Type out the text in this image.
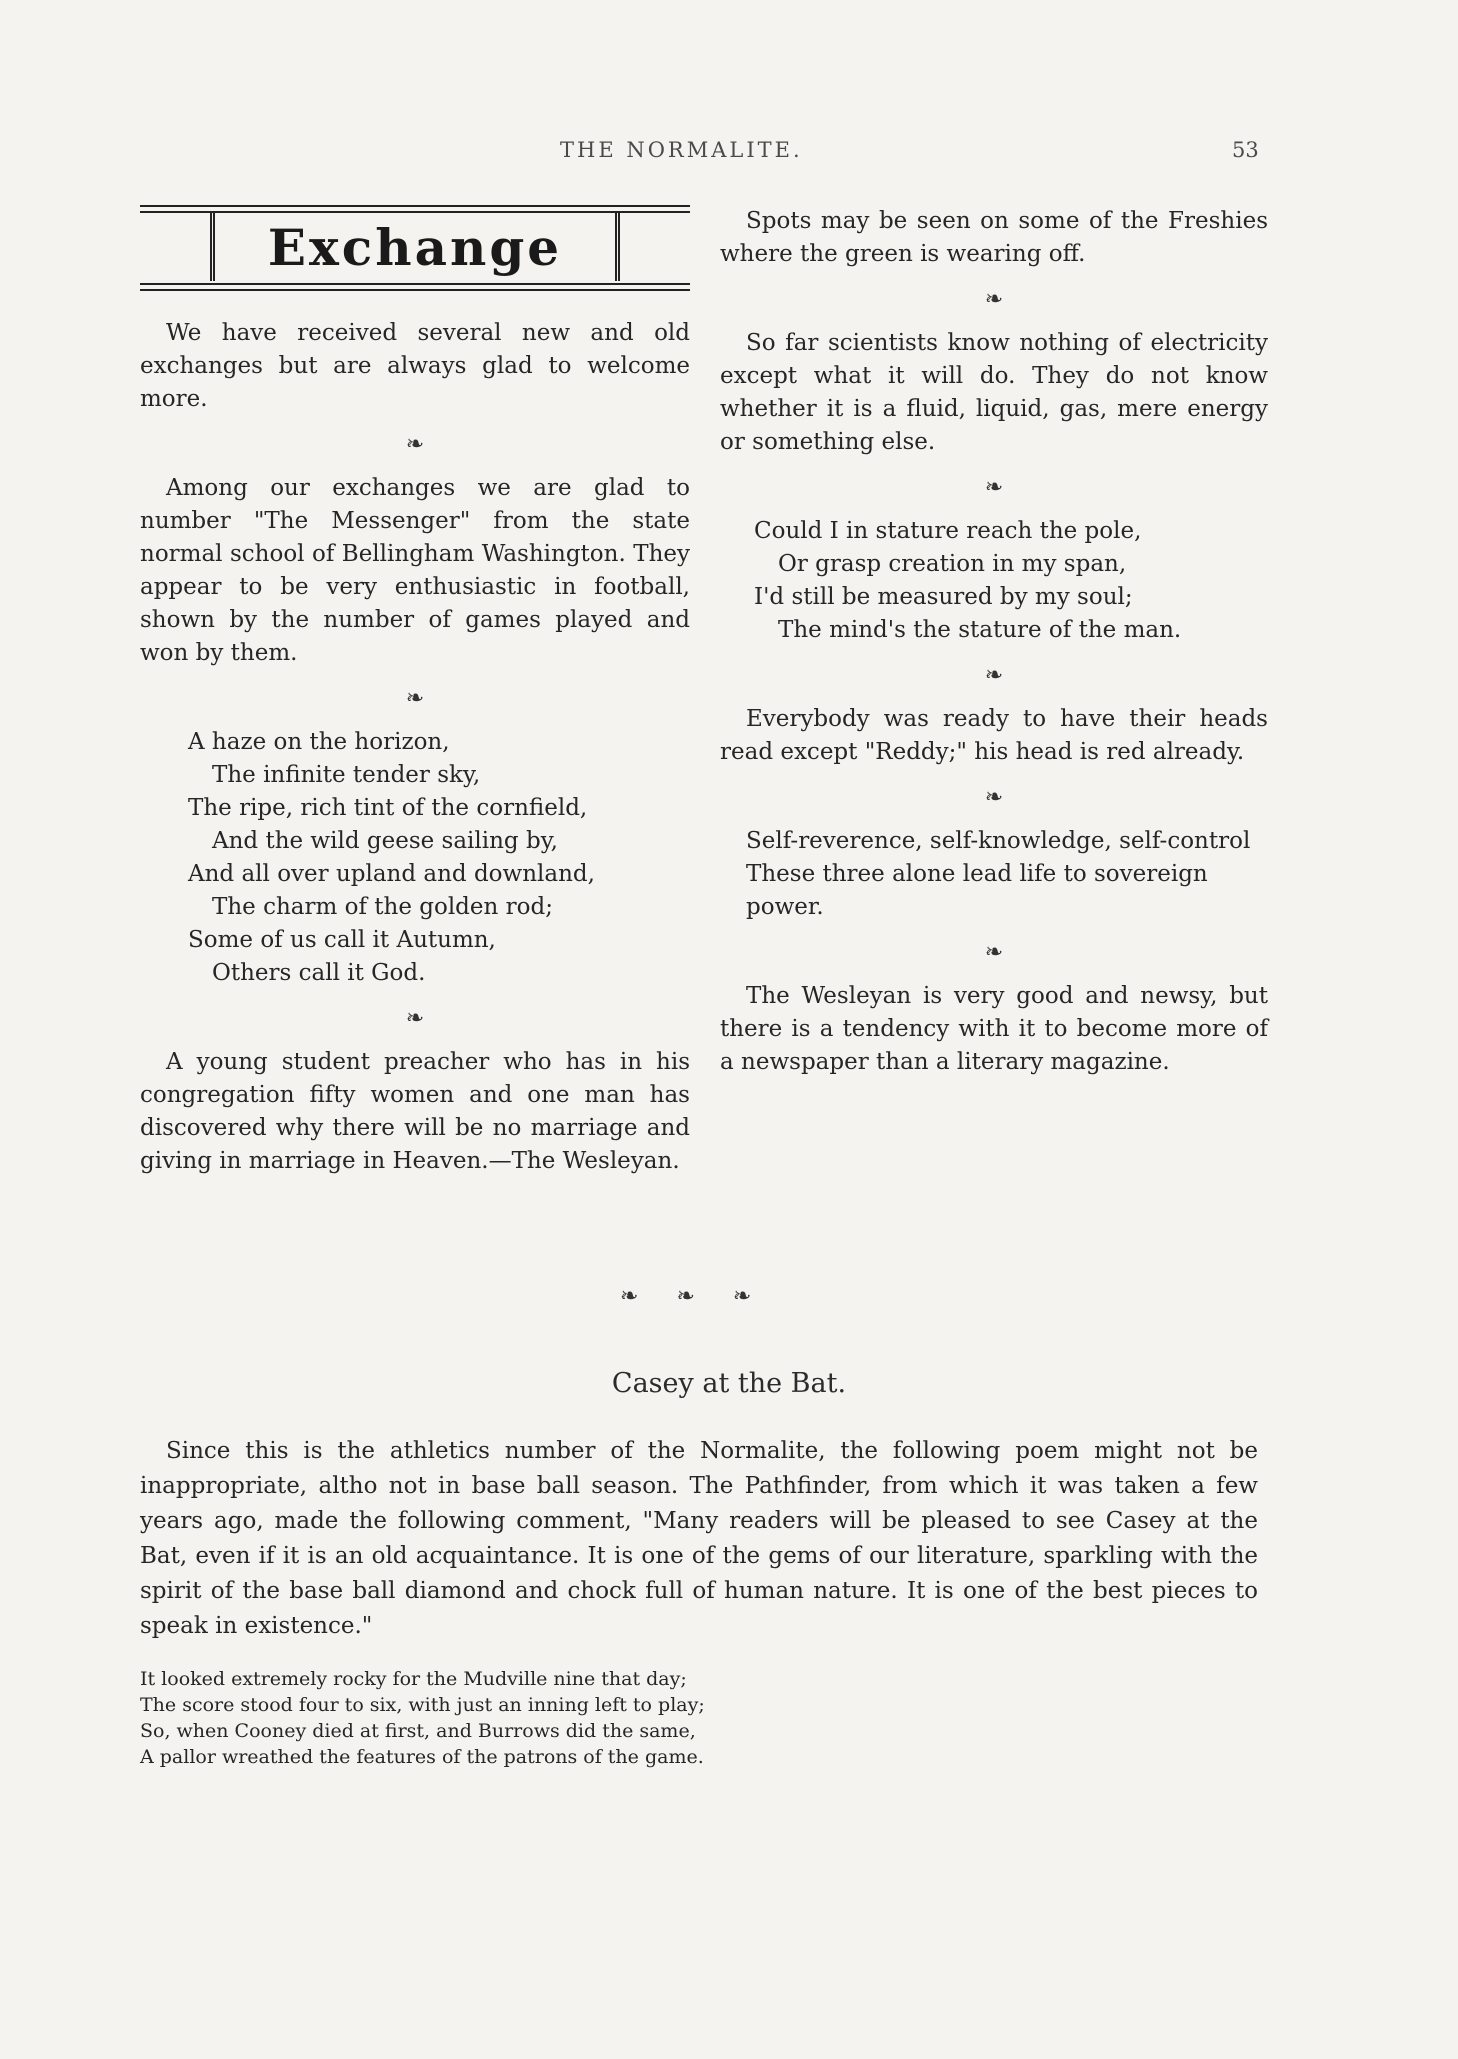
THE NORMALITE.	53
Exchange

We have received several new and old exchanges but are always glad to welcome more.

❧

Among our exchanges we are glad to number "The Messenger" from the state normal school of Bellingham Washington. They appear to be very enthusiastic in football, shown by the number of games played and won by them.

❧
A haze on the horizon,
The infinite tender sky,
The ripe, rich tint of the cornfield,
And the wild geese sailing by,
And all over upland and downland,
The charm of the golden rod;
Some of us call it Autumn,
Others call it God.
❧

A young student preacher who has in his congregation fifty women and one man has discovered why there will be no marriage and giving in marriage in Heaven.—The Wesleyan.

Spots may be seen on some of the Freshies where the green is wearing off.

❧

So far scientists know nothing of electricity except what it will do. They do not know whether it is a fluid, liquid, gas, mere energy or something else.

❧
Could I in stature reach the pole,
Or grasp creation in my span,
I'd still be measured by my soul;
The mind's the stature of the man.
❧

Everybody was ready to have their heads read except "Reddy;" his head is red already.

❧
Self-reverence, self-knowledge, self-control
These three alone lead life to sovereign power.
❧

The Wesleyan is very good and newsy, but there is a tendency with it to become more of a newspaper than a literary magazine.

❧❧❧
Casey at the Bat.

Since this is the athletics number of the Normalite, the following poem might not be inappropriate, altho not in base ball season. The Pathfinder, from which it was taken a few years ago, made the following comment, "Many readers will be pleased to see Casey at the Bat, even if it is an old acquaintance. It is one of the gems of our literature, sparkling with the spirit of the base ball diamond and chock full of human nature. It is one of the best pieces to speak in existence."

It looked extremely rocky for the Mudville nine that day;
The score stood four to six, with just an inning left to play;
So, when Cooney died at first, and Burrows did the same,
A pallor wreathed the features of the patrons of the game.
